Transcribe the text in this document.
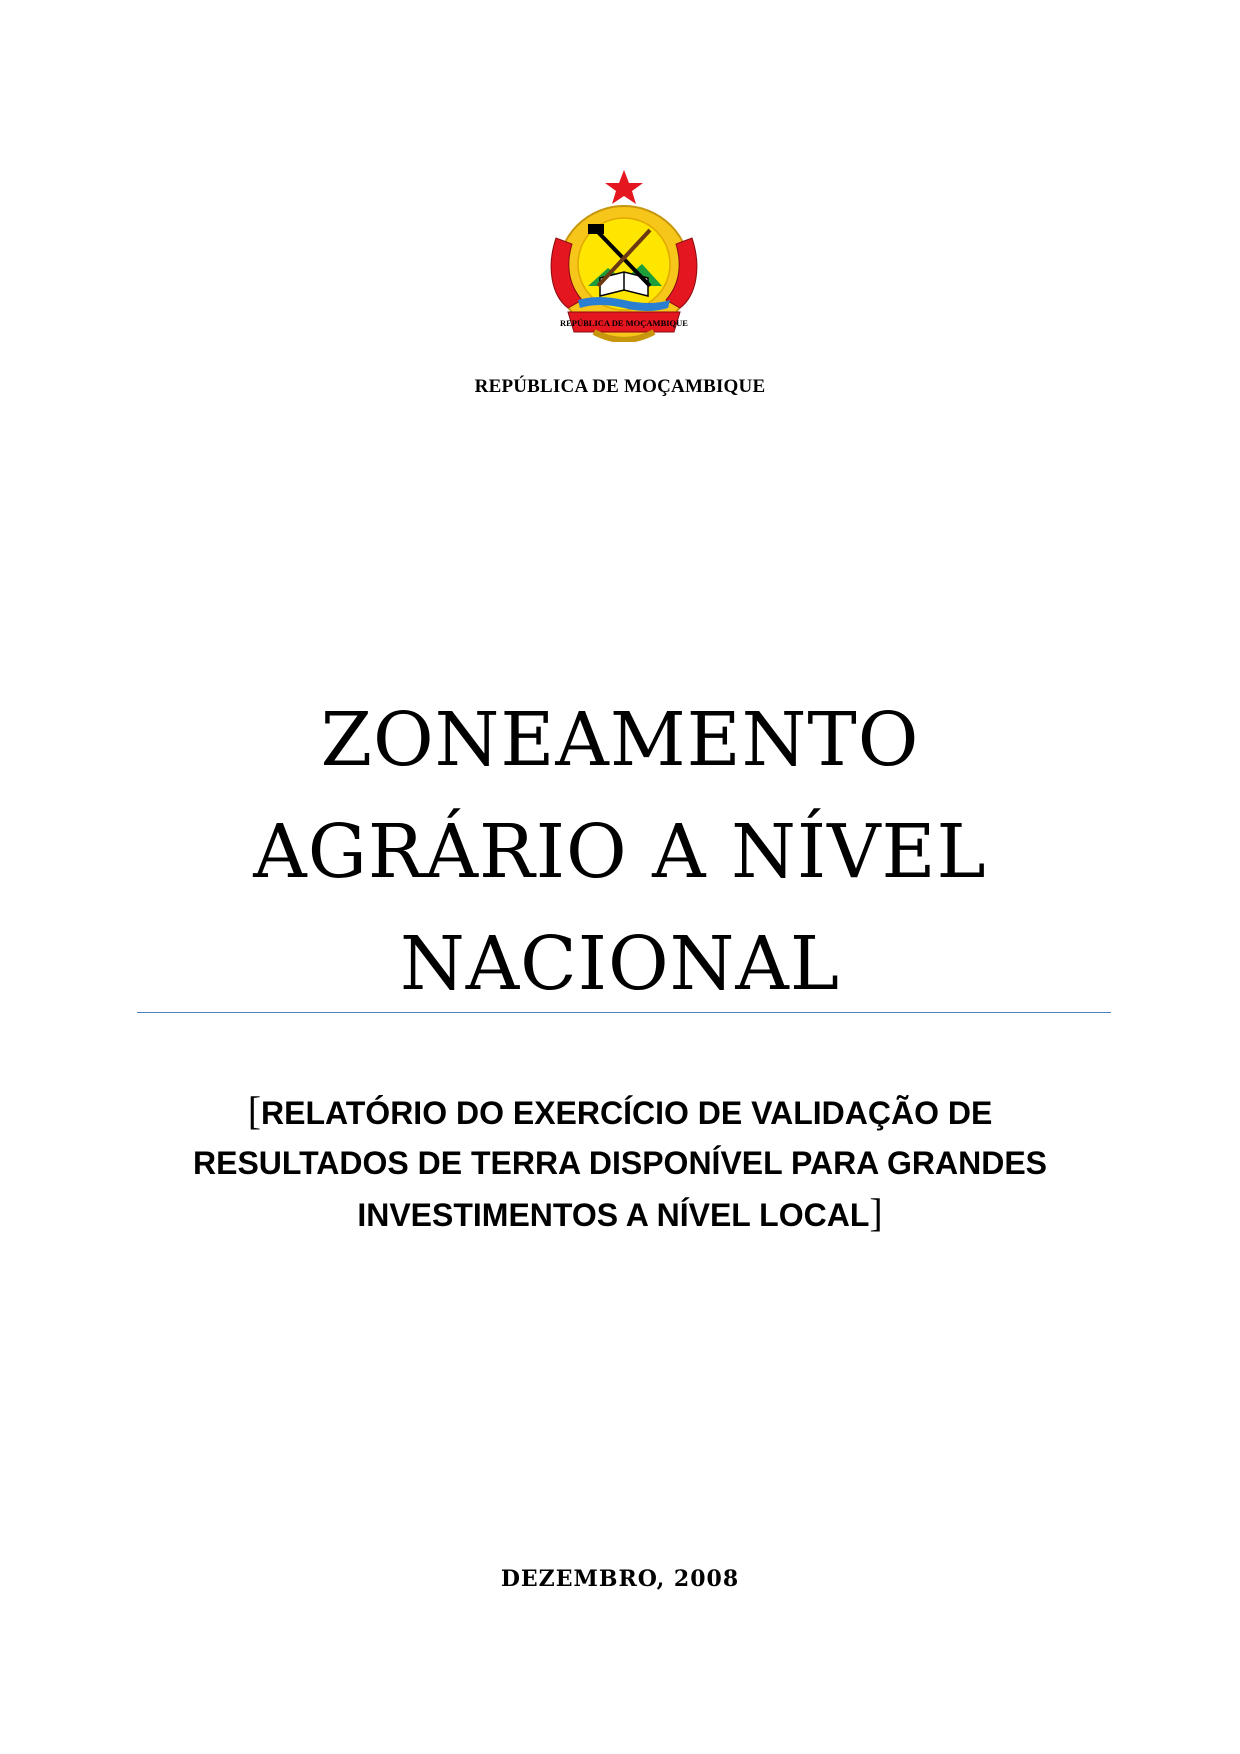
REPÚBLICA DE MOÇAMBIQUE
REPÚBLICA DE MOÇAMBIQUE
ZONEAMENTO
AGRÁRIO A NÍVEL
NACIONAL
[RELATÓRIO DO EXERCÍCIO DE VALIDAÇÃO DE
RESULTADOS DE TERRA DISPONÍVEL PARA GRANDES
INVESTIMENTOS A NÍVEL LOCAL]
DEZEMBRO, 2008
